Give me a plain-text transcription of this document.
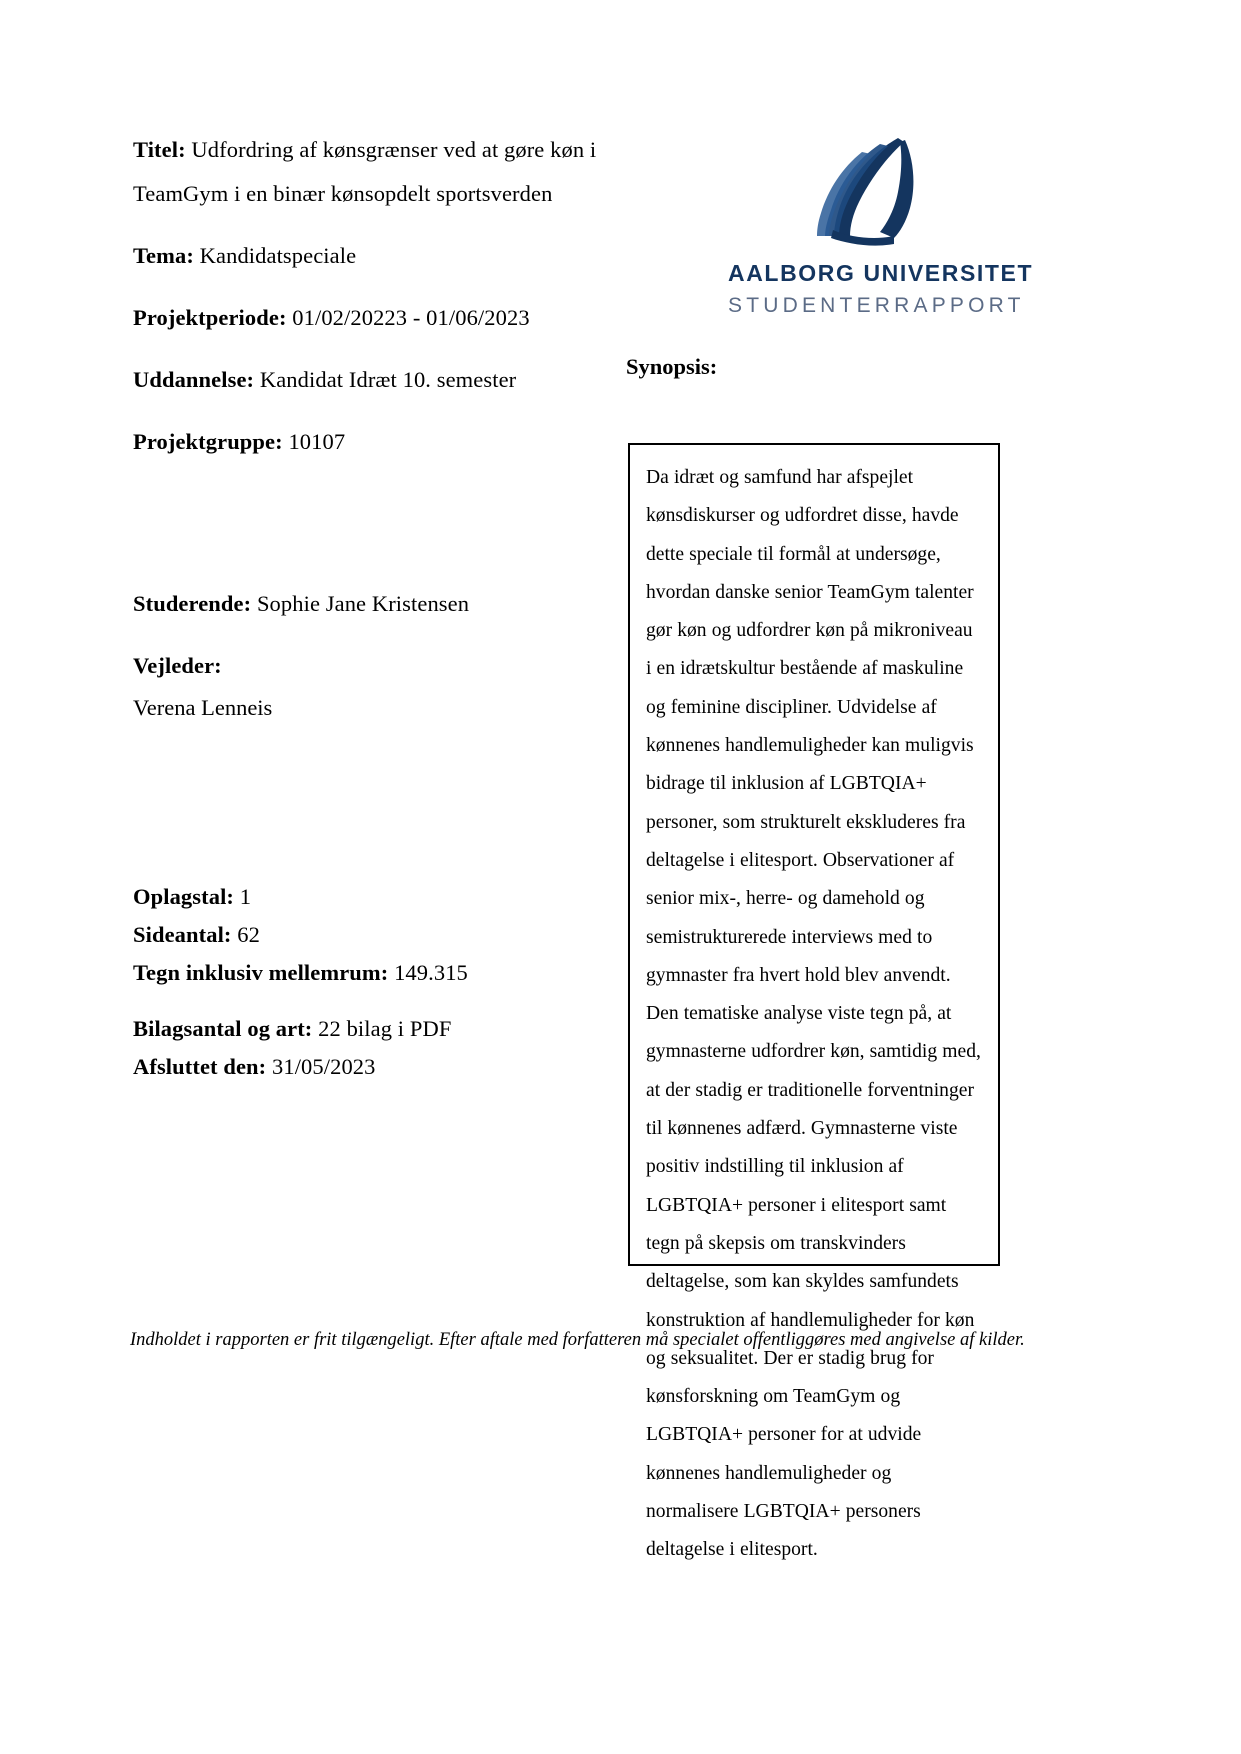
Titel: Udfordring af kønsgrænser ved at gøre køn i TeamGym i en binær kønsopdelt sportsverden
Tema: Kandidatspeciale
Projektperiode: 01/02/20223 - 01/06/2023
Uddannelse: Kandidat Idræt 10. semester
Projektgruppe: 10107
Studerende: Sophie Jane Kristensen
Vejleder:
Verena Lenneis
Oplagstal: 1
Sideantal: 62
Tegn inklusiv mellemrum: 149.315
Bilagsantal og art: 22 bilag i PDF
Afsluttet den: 31/05/2023
AALBORG UNIVERSITET
STUDENTERRAPPORT
Synopsis:
Da idræt og samfund har afspejlet kønsdiskurser og udfordret disse, havde dette speciale til formål at undersøge, hvordan danske senior TeamGym talenter gør køn og udfordrer køn på mikroniveau i en idrætskultur bestående af maskuline og feminine discipliner. Udvidelse af kønnenes handlemuligheder kan muligvis bidrage til inklusion af LGBTQIA+ personer, som strukturelt ekskluderes fra deltagelse i elitesport. Observationer af senior mix-, herre- og damehold og semistrukturerede interviews med to gymnaster fra hvert hold blev anvendt. Den tematiske analyse viste tegn på, at gymnasterne udfordrer køn, samtidig med, at der stadig er traditionelle forventninger til kønnenes adfærd. Gymnasterne viste positiv indstilling til inklusion af LGBTQIA+ personer i elitesport samt tegn på skepsis om transkvinders deltagelse, som kan skyldes samfundets konstruktion af handlemuligheder for køn og seksualitet. Der er stadig brug for kønsforskning om TeamGym og LGBTQIA+ personer for at udvide kønnenes handlemuligheder og normalisere LGBTQIA+ personers deltagelse i elitesport.
Indholdet i rapporten er frit tilgængeligt. Efter aftale med forfatteren må specialet offentliggøres med angivelse af kilder.
